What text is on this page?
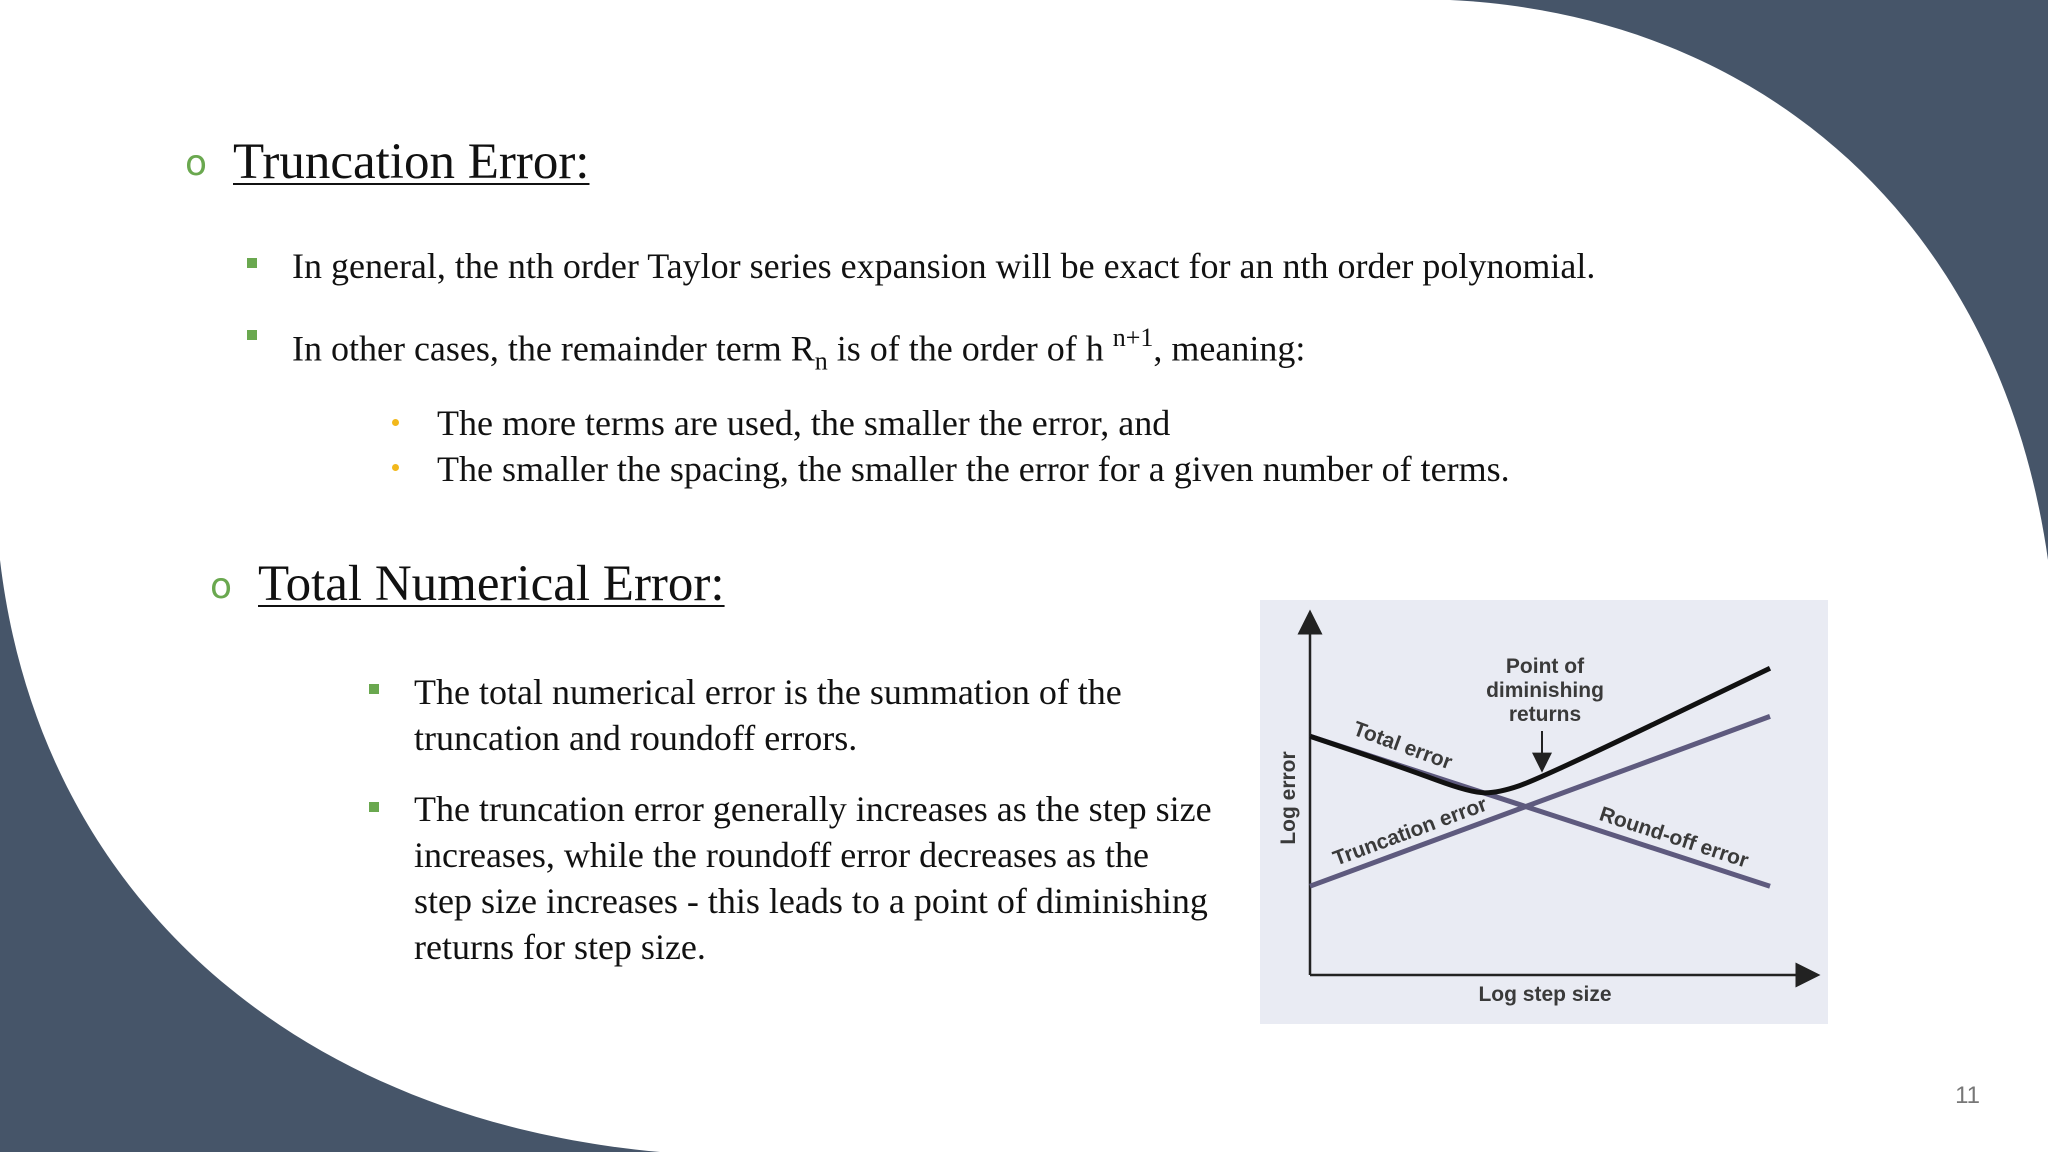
o Truncation Error:
In general, the nth order Taylor series expansion will be exact for an nth order polynomial.
In other cases, the remainder term $R_n$ is of the order of h $^{n+1}$, meaning:
The more terms are used, the smaller the error, and
The smaller the spacing, the smaller the error for a given number of terms.
o Total Numerical Error:
The total numerical error is the summation of the truncation and roundoff errors.
The truncation error generally increases as the step size increases, while the roundoff error decreases as the step size increases - this leads to a point of diminishing returns for step size.
Total error
Truncation error	Round-off error
Log step size
Log error
Point of
diminishing
returns
11
